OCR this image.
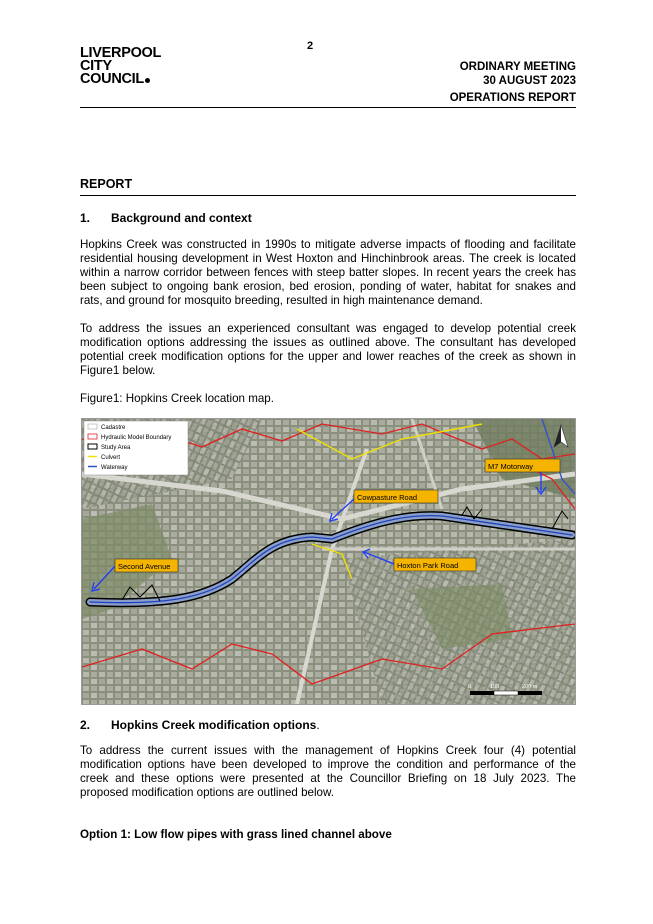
LIVERPOOL
CITY
COUNCIL
2
ORDINARY MEETING
30 AUGUST 2023
OPERATIONS REPORT
REPORT
1. Background and context
Hopkins Creek was constructed in 1990s to mitigate adverse impacts of flooding and facilitate residential housing development in West Hoxton and Hinchinbrook areas. The creek is located within a narrow corridor between fences with steep batter slopes. In recent years the creek has been subject to ongoing bank erosion, bed erosion, ponding of water, habitat for snakes and rats, and ground for mosquito breeding, resulted in high maintenance demand.
To address the issues an experienced consultant was engaged to develop potential creek modification options addressing the issues as outlined above. The consultant has developed potential creek modification options for the upper and lower reaches of the creek as shown in Figure1 below.
Figure1: Hopkins Creek location map.
Cadastre
Hydraulic Model Boundary
Study Area
Culvert
Waterway	M7 Motorway
Cowpasture Road
Hoxton Park Road
Second Avenue
0	100	200 m
2. Hopkins Creek modification options.
To address the current issues with the management of Hopkins Creek four (4) potential modification options have been developed to improve the condition and performance of the creek and these options were presented at the Councillor Briefing on 18 July 2023. The proposed modification options are outlined below.
Option 1: Low flow pipes with grass lined channel above
